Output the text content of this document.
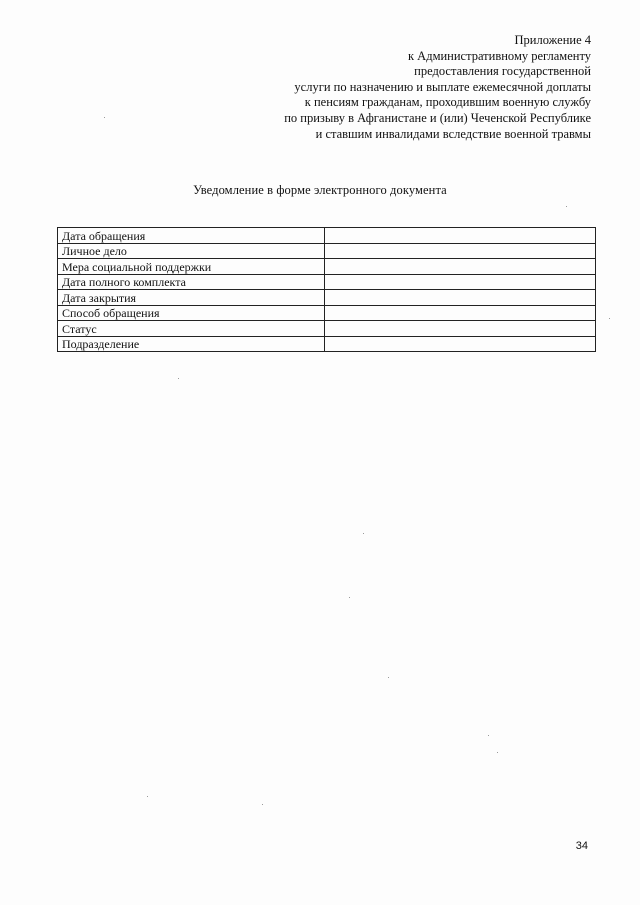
Приложение 4
к Административному регламенту
предоставления государственной
услуги по назначению и выплате ежемесячной доплаты
к пенсиям гражданам, проходившим военную службу
по призыву в Афганистане и (или) Чеченской Республике
и ставшим инвалидами вследствие военной травмы
Уведомление в форме электронного документа
Дата обращения	
Личное дело	
Мера социальной поддержки	
Дата полного комплекта	
Дата закрытия	
Способ обращения	
Статус	
Подразделение	
34
